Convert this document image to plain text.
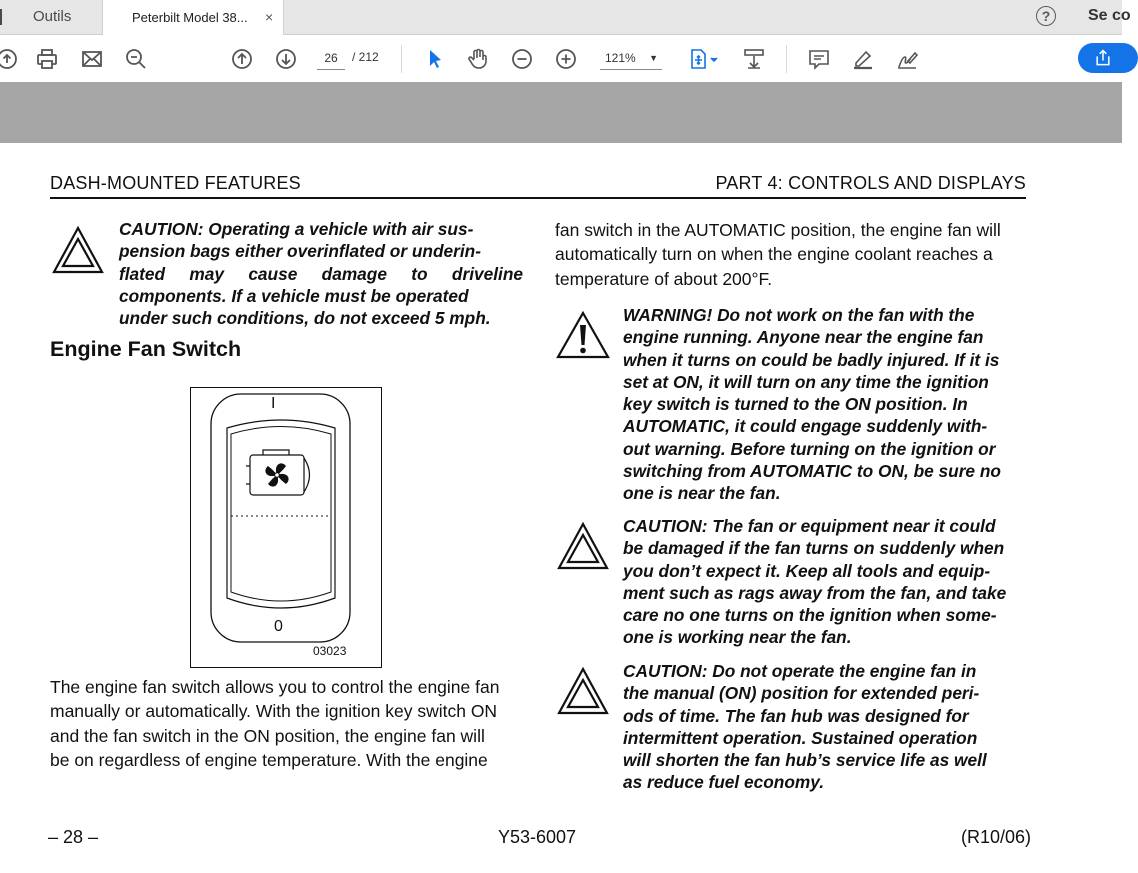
Outils	Peterbilt Model 38... ×	?	Se co
26	/ 212	121% ▼
DASH-MOUNTED FEATURES	PART 4: CONTROLS AND DISPLAYS
CAUTION: Operating a vehicle with air sus-
pension bags either overinflated or underin-
flated may cause damage to driveline
components. If a vehicle must be operated
under such conditions, do not exceed 5 mph.
Engine Fan Switch
I
0
03023
The engine fan switch allows you to control the engine fan
manually or automatically. With the ignition key switch ON
and the fan switch in the ON position, the engine fan will
be on regardless of engine temperature. With the engine
fan switch in the AUTOMATIC position, the engine fan will
automatically turn on when the engine coolant reaches a
temperature of about 200°F.
WARNING! Do not work on the fan with the
engine running. Anyone near the engine fan
when it turns on could be badly injured. If it is
set at ON, it will turn on any time the ignition
key switch is turned to the ON position. In
AUTOMATIC, it could engage suddenly with-
out warning. Before turning on the ignition or
switching from AUTOMATIC to ON, be sure no
one is near the fan.
CAUTION: The fan or equipment near it could
be damaged if the fan turns on suddenly when
you don’t expect it. Keep all tools and equip-
ment such as rags away from the fan, and take
care no one turns on the ignition when some-
one is working near the fan.
CAUTION: Do not operate the engine fan in
the manual (ON) position for extended peri-
ods of time. The fan hub was designed for
intermittent operation. Sustained operation
will shorten the fan hub’s service life as well
as reduce fuel economy.
– 28 –	Y53-6007	(R10/06)
